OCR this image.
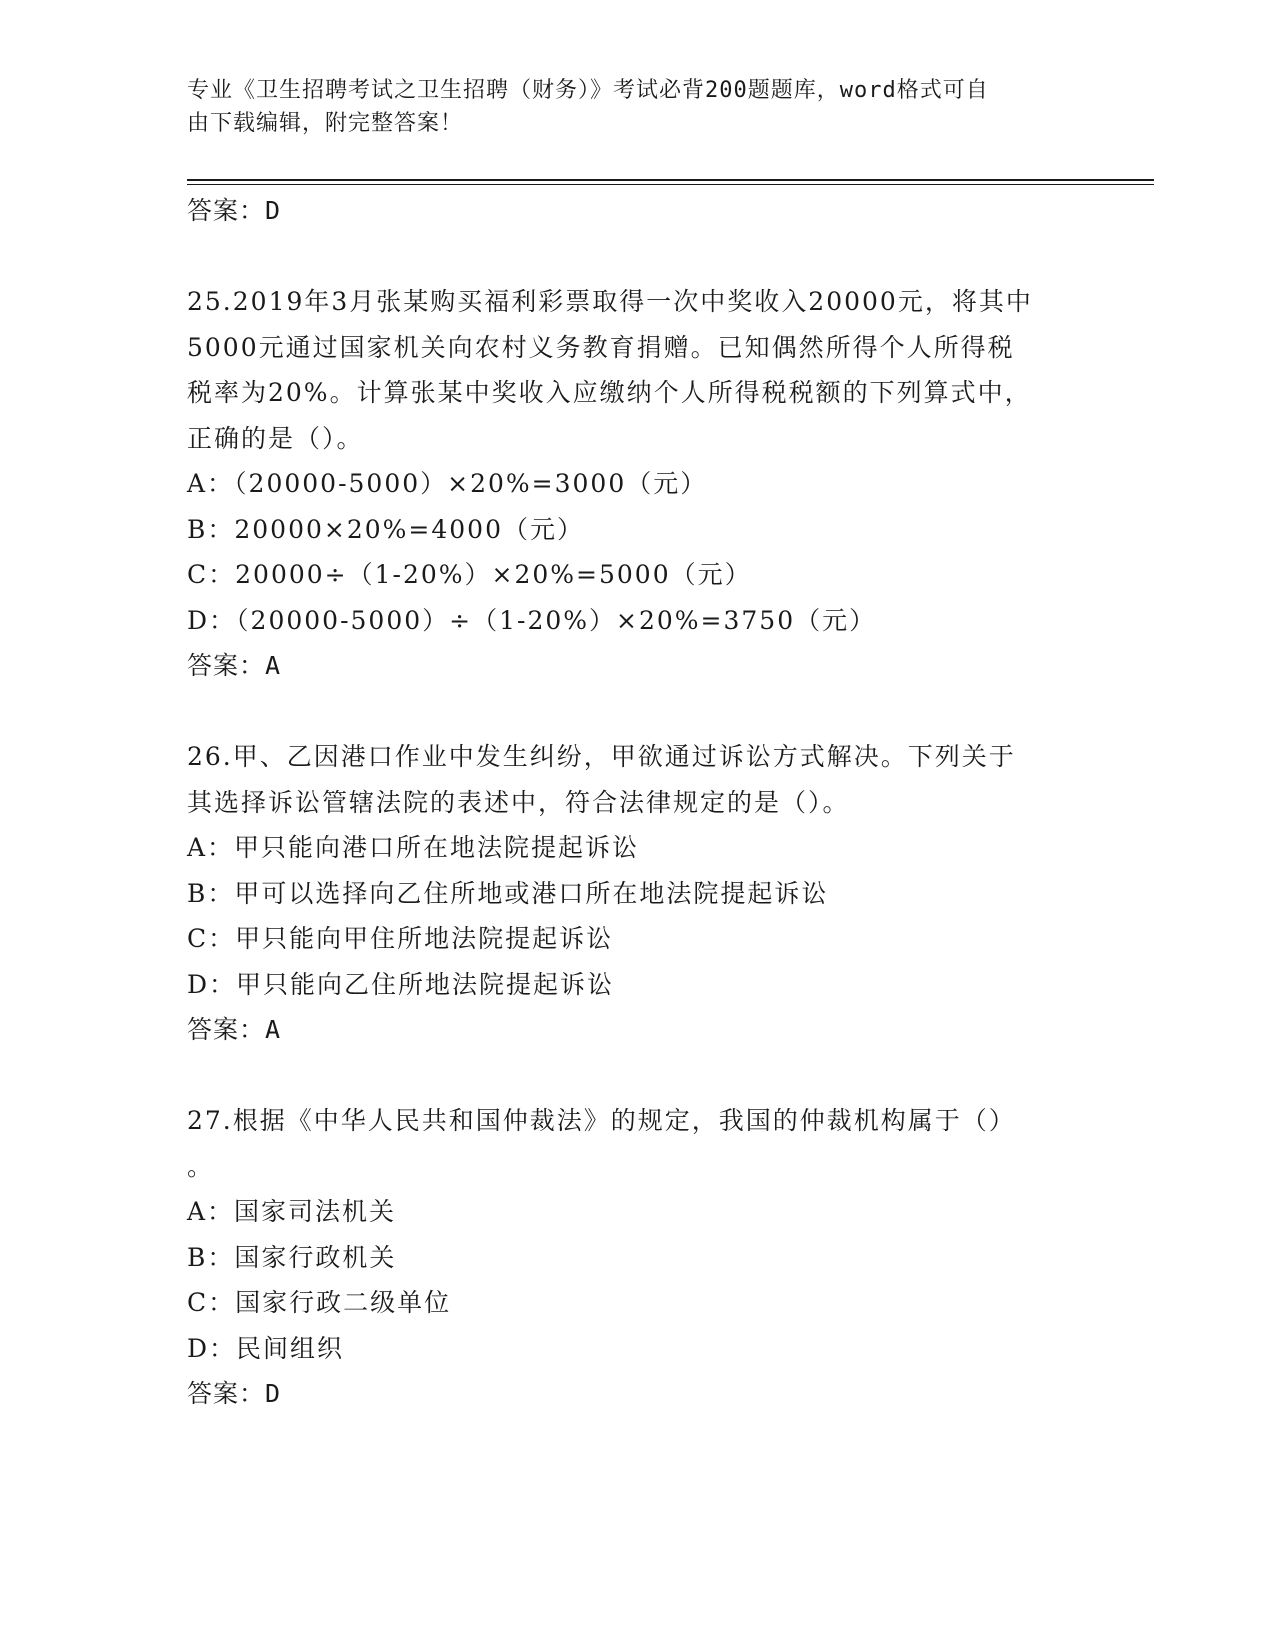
专业《卫生招聘考试之卫生招聘（财务）》考试必背200题题库，word格式可自
由下载编辑，附完整答案！
答案：D
25.2019年3月张某购买福利彩票取得一次中奖收入20000元，将其中
5000元通过国家机关向农村义务教育捐赠。已知偶然所得个人所得税
税率为20%。计算张某中奖收入应缴纳个人所得税税额的下列算式中，
正确的是（）。
A：（20000-5000）×20%=3000（元）
B：20000×20%=4000（元）
C：20000÷（1-20%）×20%=5000（元）
D：（20000-5000）÷（1-20%）×20%=3750（元）
答案：A
26.甲、乙因港口作业中发生纠纷，甲欲通过诉讼方式解决。下列关于
其选择诉讼管辖法院的表述中，符合法律规定的是（）。
A：甲只能向港口所在地法院提起诉讼
B：甲可以选择向乙住所地或港口所在地法院提起诉讼
C：甲只能向甲住所地法院提起诉讼
D：甲只能向乙住所地法院提起诉讼
答案：A
27.根据《中华人民共和国仲裁法》的规定，我国的仲裁机构属于（）
。
A：国家司法机关
B：国家行政机关
C：国家行政二级单位
D：民间组织
答案：D
